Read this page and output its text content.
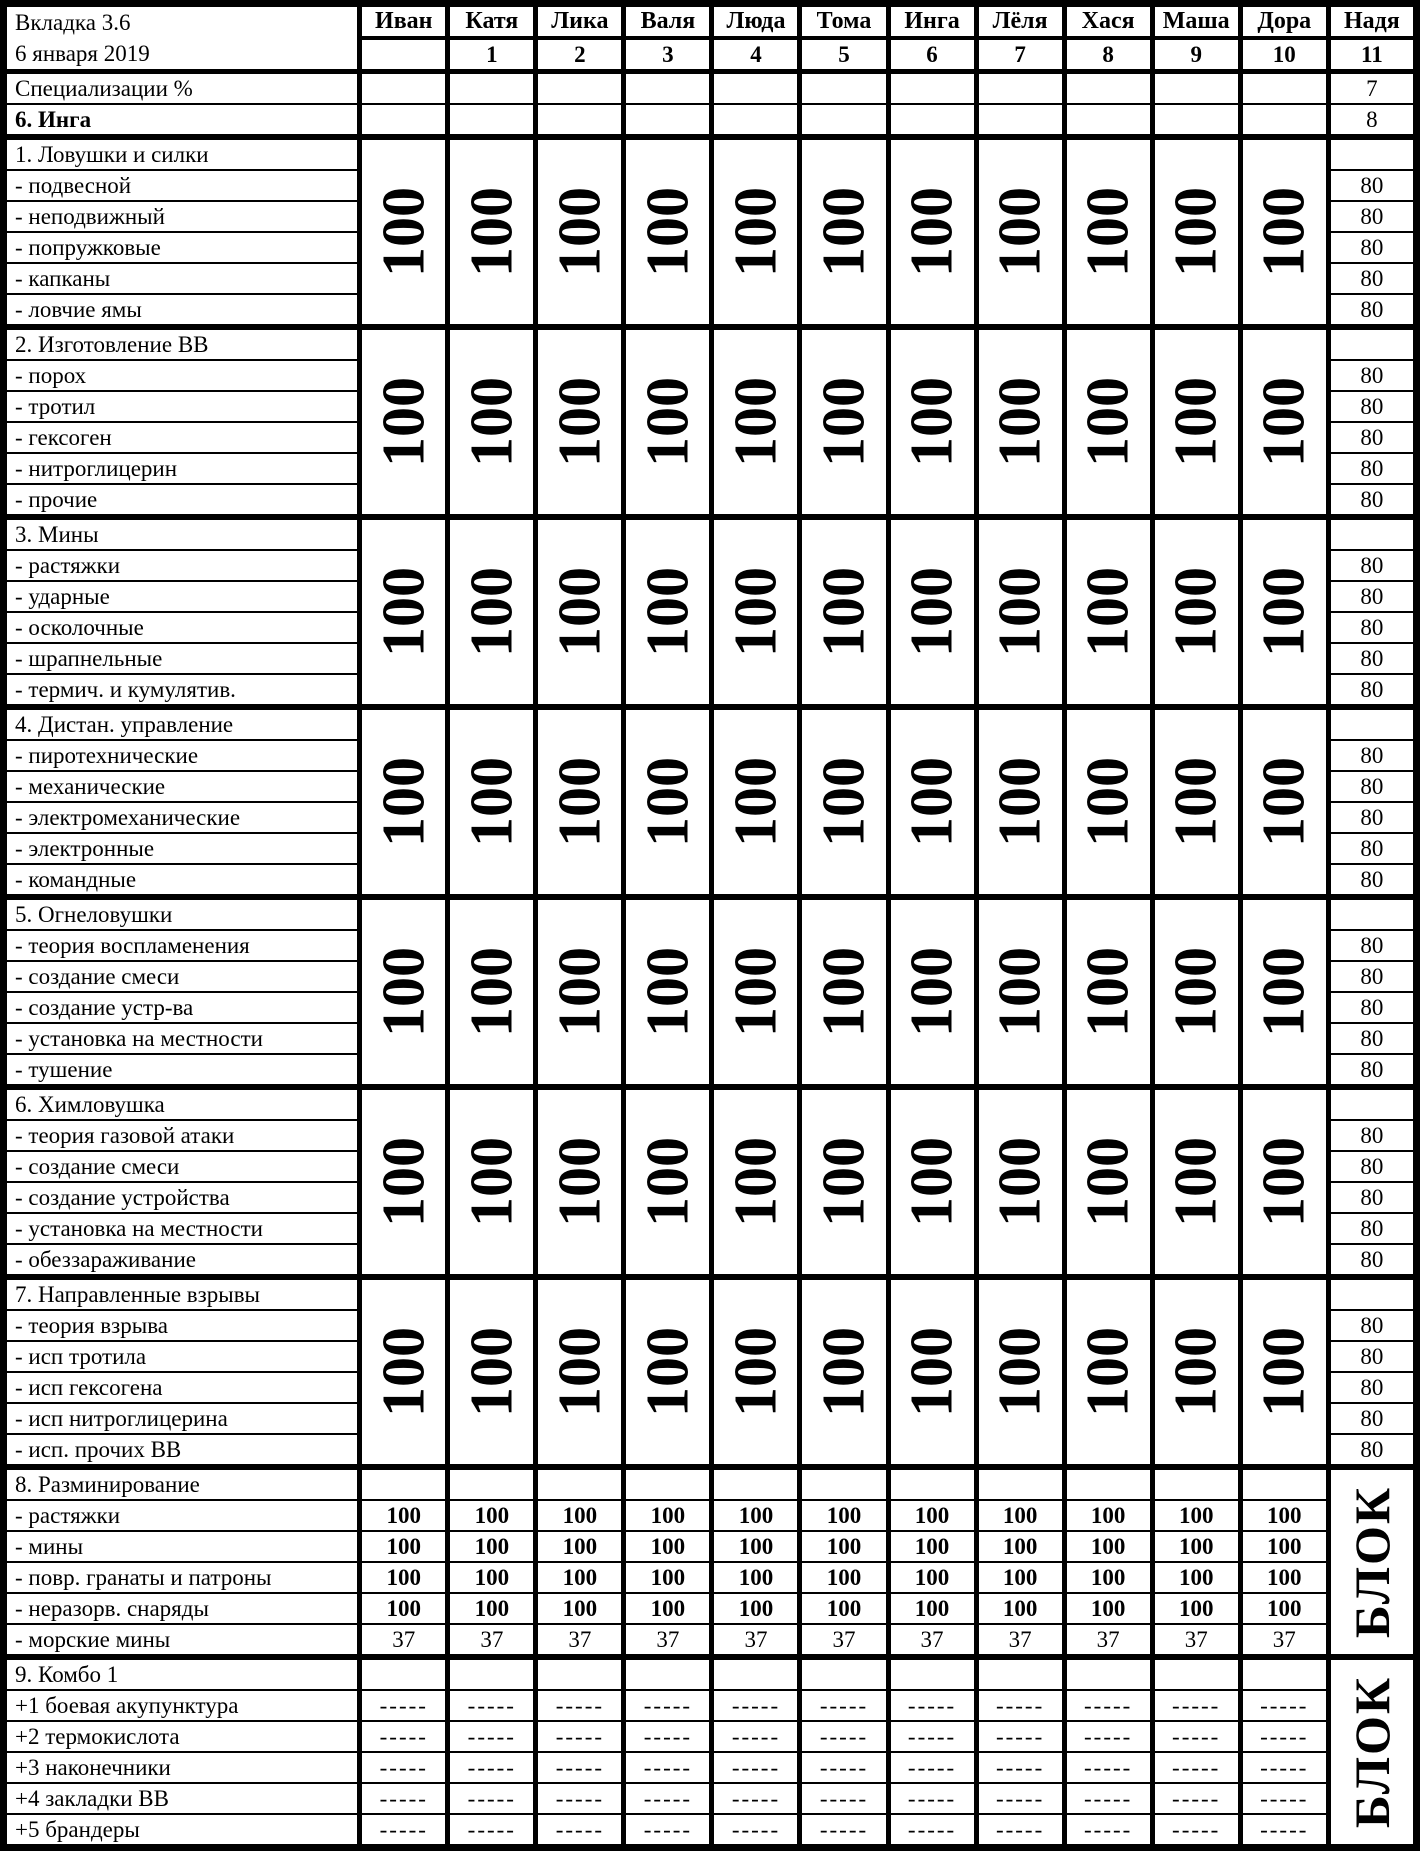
Вкладка 3.6
6 января 2019	Иван	Катя	Лика	Валя	Люда	Тома	Инга	Лёля	Хася	Маша	Дора	Надя
		1	2	3	4	5	6	7	8	9	10	11
Специализации %												7
6. Инга												8
1. Ловушки и силки	100	100	100	100	100	100	100	100	100	100	100	

- подвесной												80
- неподвижный												80
- попружковые												80
- капканы												80
- ловчие ямы												80
2. Изготовление ВВ	100	100	100	100	100	100	100	100	100	100	100	

- порох												80
- тротил												80
- гексоген												80
- нитроглицерин												80
- прочие												80
3. Мины	100	100	100	100	100	100	100	100	100	100	100	

- растяжки												80
- ударные												80
- осколочные												80
- шрапнельные												80
- термич. и кумулятив.												80
4. Дистан. управление	100	100	100	100	100	100	100	100	100	100	100	

- пиротехнические												80
- механические												80
- электромеханические												80
- электронные												80
- командные												80
5. Огнеловушки	100	100	100	100	100	100	100	100	100	100	100	

- теория воспламенения												80
- создание смеси												80
- создание устр-ва												80
- установка на местности												80
- тушение												80
6. Химловушка	100	100	100	100	100	100	100	100	100	100	100	

- теория газовой атаки												80
- создание смеси												80
- создание устройства												80
- установка на местности												80
- обеззараживание												80
7. Направленные взрывы	100	100	100	100	100	100	100	100	100	100	100	

- теория взрыва												80
- исп тротила												80
- исп гексогена												80
- исп нитроглицерина												80
- исп. прочих ВВ												80
8. Разминирование												БЛОК

- растяжки	100	100	100	100	100	100	100	100	100	100	100	
- мины	100	100	100	100	100	100	100	100	100	100	100	
- повр. гранаты и патроны	100	100	100	100	100	100	100	100	100	100	100	
- неразорв. снаряды	100	100	100	100	100	100	100	100	100	100	100	
- морские мины	37	37	37	37	37	37	37	37	37	37	37	
9. Комбо 1												БЛОК

+1 боевая акупунктура	-----	-----	-----	-----	-----	-----	-----	-----	-----	-----	-----	
+2 термокислота	-----	-----	-----	-----	-----	-----	-----	-----	-----	-----	-----	
+3 наконечники	-----	-----	-----	-----	-----	-----	-----	-----	-----	-----	-----	
+4 закладки ВВ	-----	-----	-----	-----	-----	-----	-----	-----	-----	-----	-----	
+5 брандеры	-----	-----	-----	-----	-----	-----	-----	-----	-----	-----	-----	
